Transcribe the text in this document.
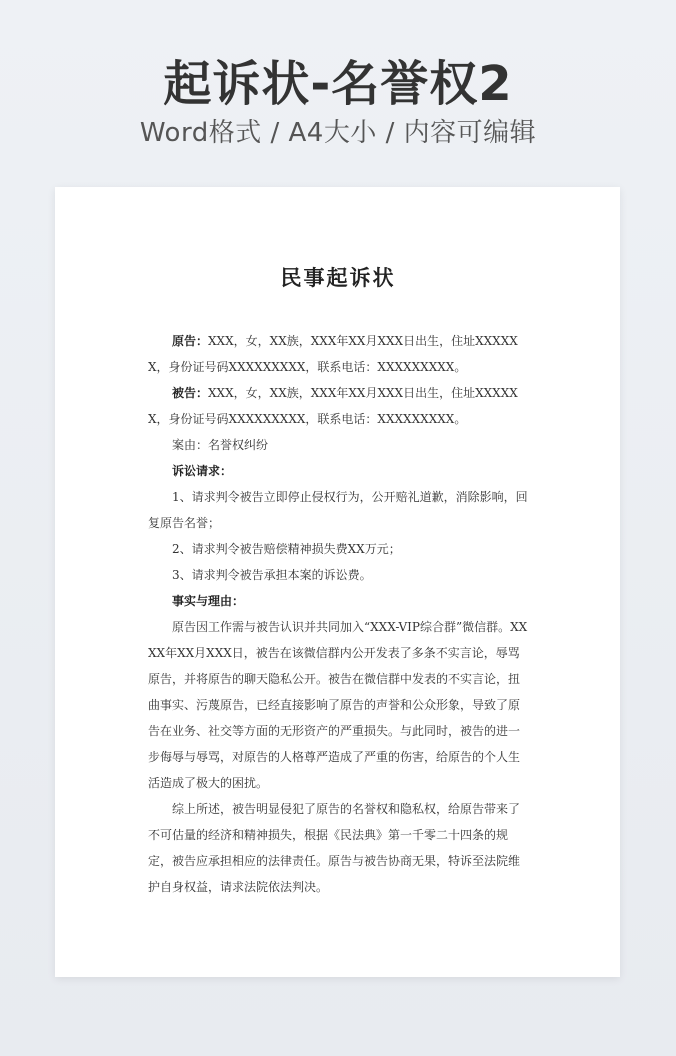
起诉状-名誉权2
Word格式 / A4大小 / 内容可编辑
民事起诉状

原告：XXX，女，XX族，XXX年XX月XXX日出生，住址XXXXXX，身份证号码XXXXXXXXX，联系电话：XXXXXXXXX。

被告：XXX，女，XX族，XXX年XX月XXX日出生，住址XXXXXX，身份证号码XXXXXXXXX，联系电话：XXXXXXXXX。

案由：名誉权纠纷

诉讼请求：

1、请求判令被告立即停止侵权行为，公开赔礼道歉，消除影响，回复原告名誉；

2、请求判令被告赔偿精神损失费XX万元；

3、请求判令被告承担本案的诉讼费。

事实与理由：

原告因工作需与被告认识并共同加入“XXX-VIP综合群”微信群。XXXX年XX月XXX日，被告在该微信群内公开发表了多条不实言论，辱骂原告，并将原告的聊天隐私公开。被告在微信群中发表的不实言论，扭曲事实、污蔑原告，已经直接影响了原告的声誉和公众形象，导致了原告在业务、社交等方面的无形资产的严重损失。与此同时，被告的进一步侮辱与辱骂，对原告的人格尊严造成了严重的伤害，给原告的个人生活造成了极大的困扰。

综上所述，被告明显侵犯了原告的名誉权和隐私权，给原告带来了不可估量的经济和精神损失，根据《民法典》第一千零二十四条的规定，被告应承担相应的法律责任。原告与被告协商无果，特诉至法院维护自身权益，请求法院依法判决。
